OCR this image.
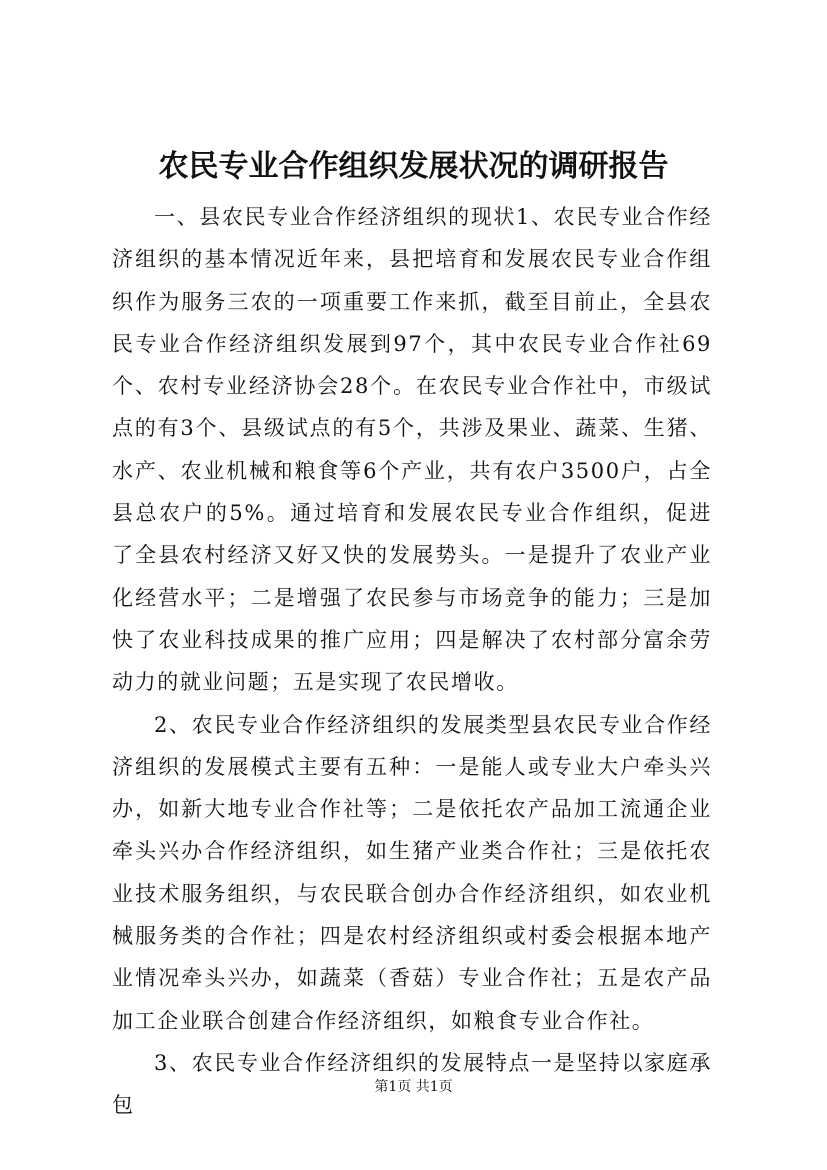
农民专业合作组织发展状况的调研报告

一、县农民专业合作经济组织的现状1、农民专业合作经济组织的基本情况近年来，县把培育和发展农民专业合作组织作为服务三农的一项重要工作来抓，截至目前止，全县农民专业合作经济组织发展到97个，其中农民专业合作社69个、农村专业经济协会28个。在农民专业合作社中，市级试点的有3个、县级试点的有5个，共涉及果业、蔬菜、生猪、水产、农业机械和粮食等6个产业，共有农户3500户，占全县总农户的5%。通过培育和发展农民专业合作组织，促进了全县农村经济又好又快的发展势头。一是提升了农业产业化经营水平；二是增强了农民参与市场竞争的能力；三是加快了农业科技成果的推广应用；四是解决了农村部分富余劳动力的就业问题；五是实现了农民增收。

2、农民专业合作经济组织的发展类型县农民专业合作经济组织的发展模式主要有五种：一是能人或专业大户牵头兴办，如新大地专业合作社等；二是依托农产品加工流通企业牵头兴办合作经济组织，如生猪产业类合作社；三是依托农业技术服务组织，与农民联合创办合作经济组织，如农业机械服务类的合作社；四是农村经济组织或村委会根据本地产业情况牵头兴办，如蔬菜（香菇）专业合作社；五是农产品加工企业联合创建合作经济组织，如粮食专业合作社。

3、农民专业合作经济组织的发展特点一是坚持以家庭承包

第1页 共1页
